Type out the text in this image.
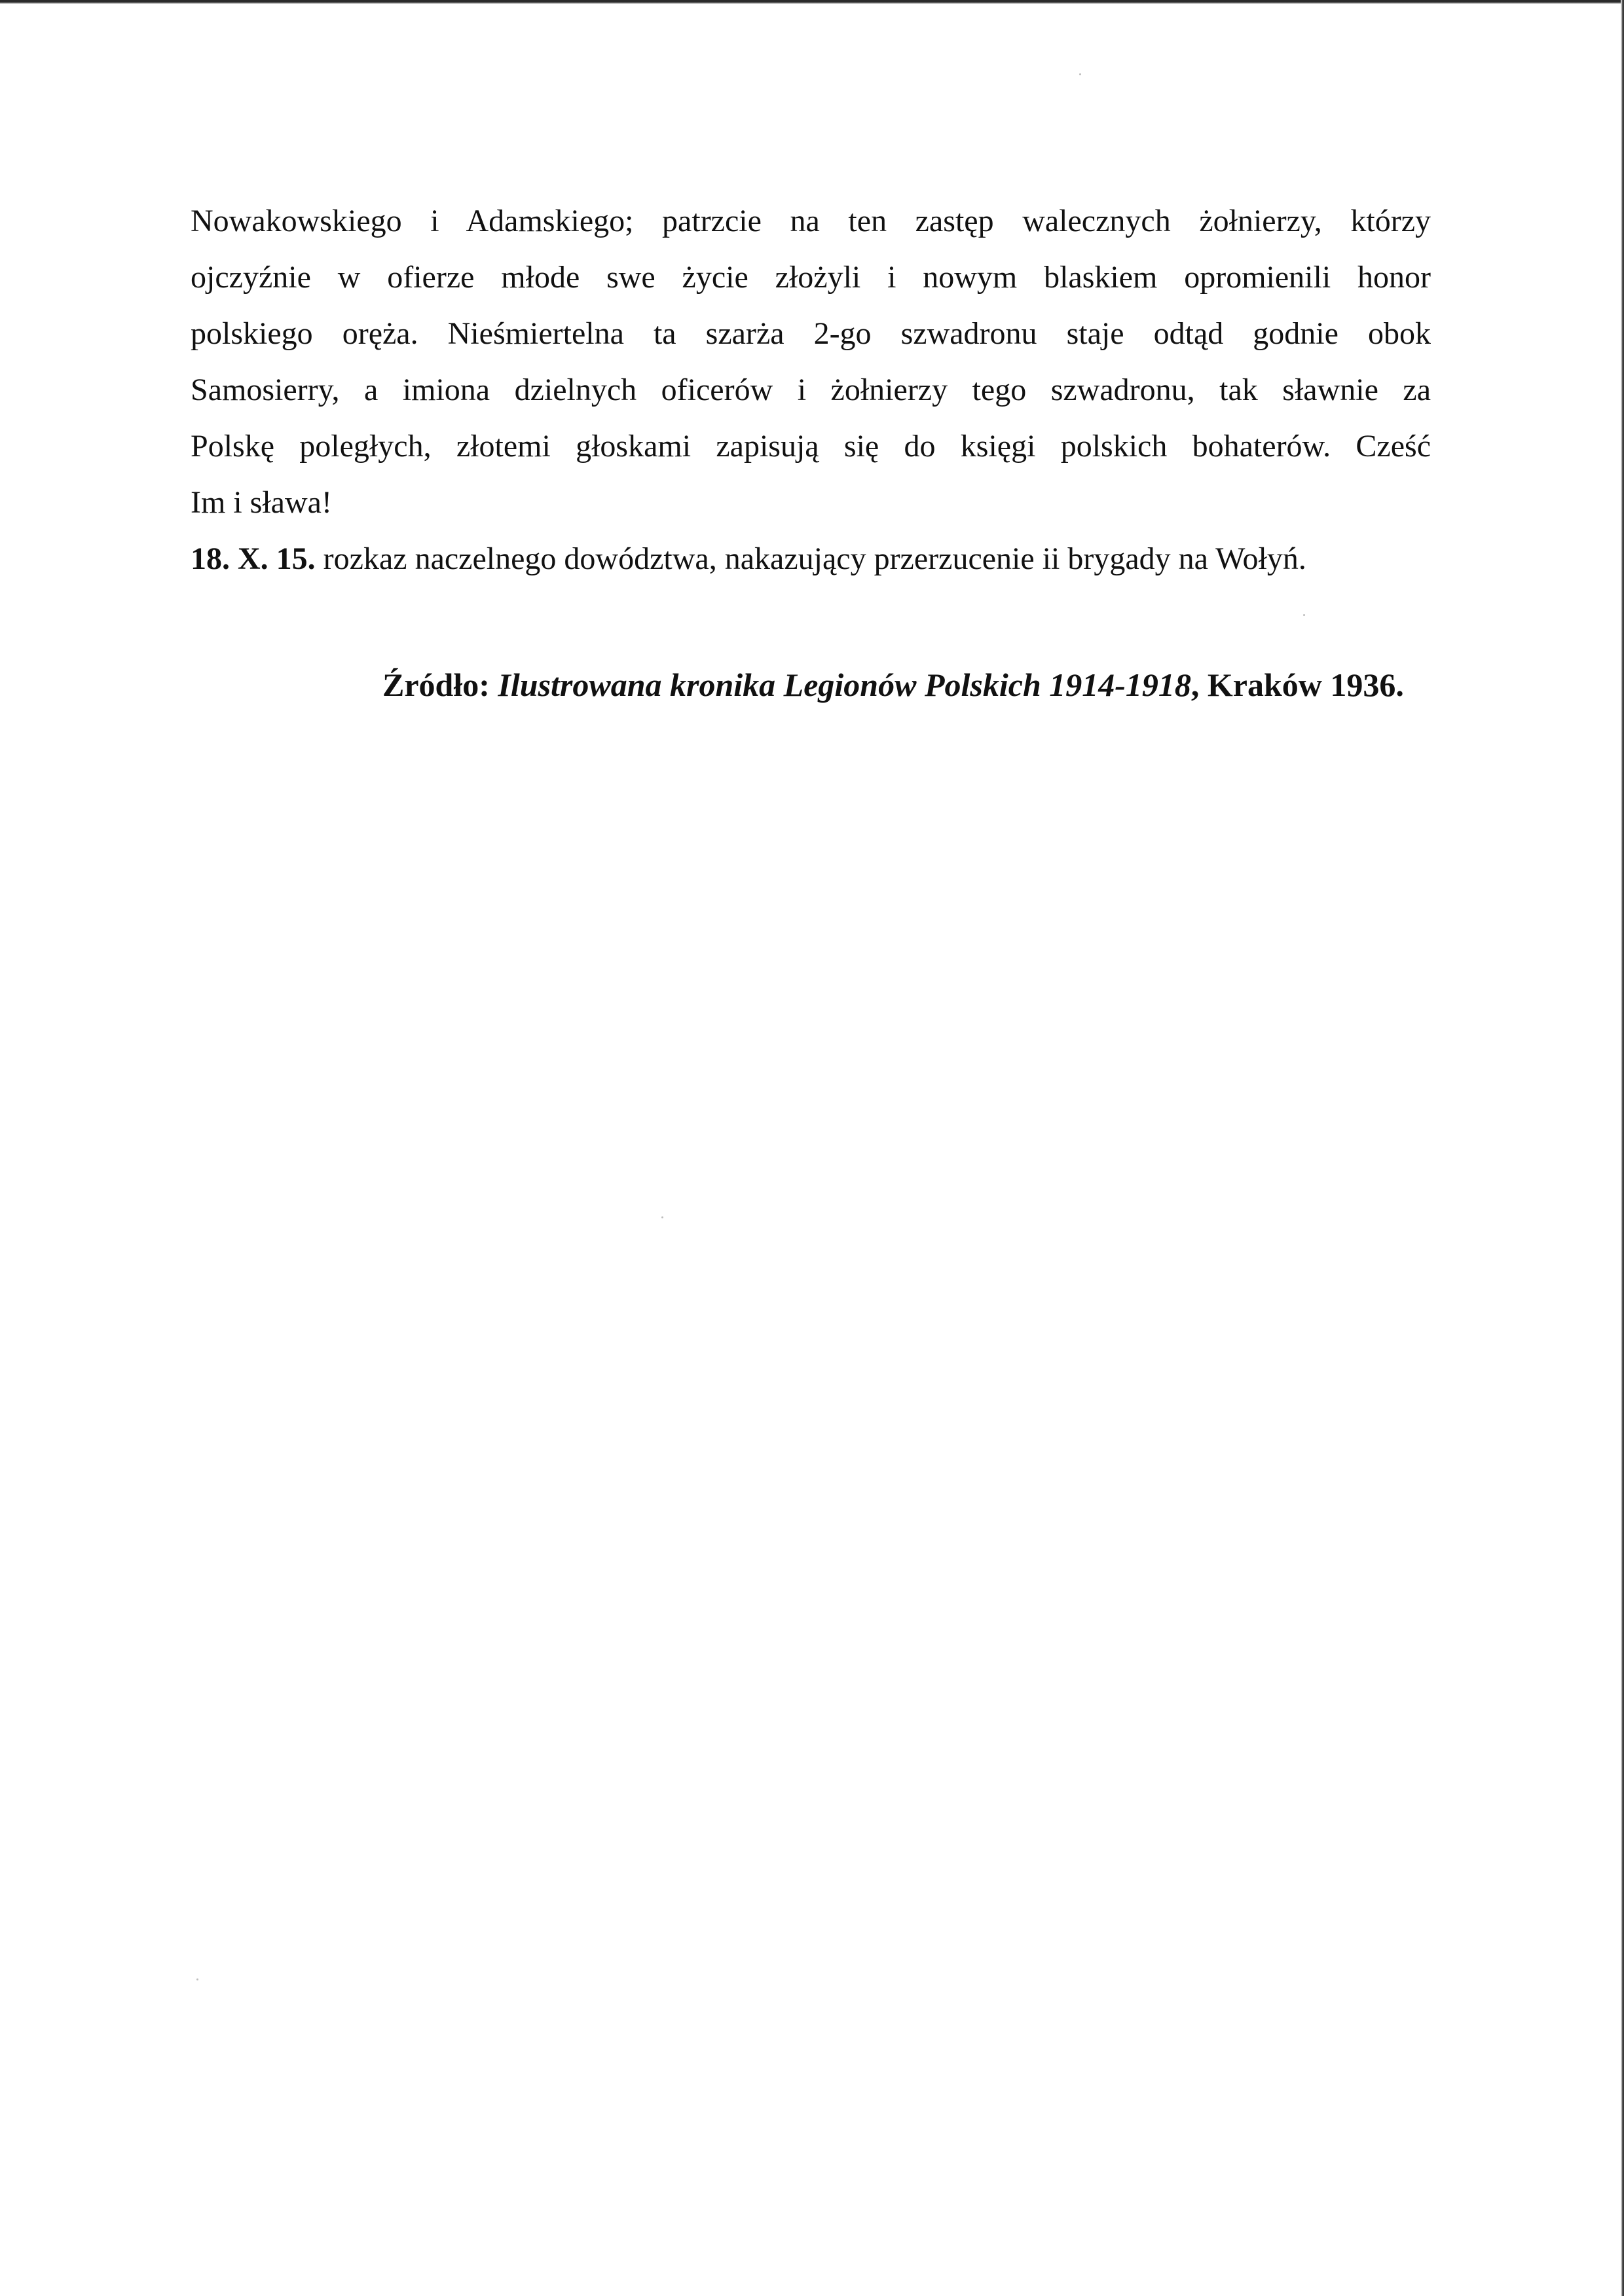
Nowakowskiego i Adamskiego; patrzcie na ten zastęp walecznych żołnierzy, którzy
ojczyźnie w ofierze młode swe życie złożyli i nowym blaskiem opromienili honor
polskiego oręża. Nieśmiertelna ta szarża 2-go szwadronu staje odtąd godnie obok
Samosierry, a imiona dzielnych oficerów i żołnierzy tego szwadronu, tak sławnie za
Polskę poległych, złotemi głoskami zapisują się do księgi polskich bohaterów. Cześć
Im i sława!
18. X. 15. rozkaz naczelnego dowództwa, nakazujący przerzucenie ii brygady na Wołyń.
Źródło: Ilustrowana kronika Legionów Polskich 1914-1918, Kraków 1936.
